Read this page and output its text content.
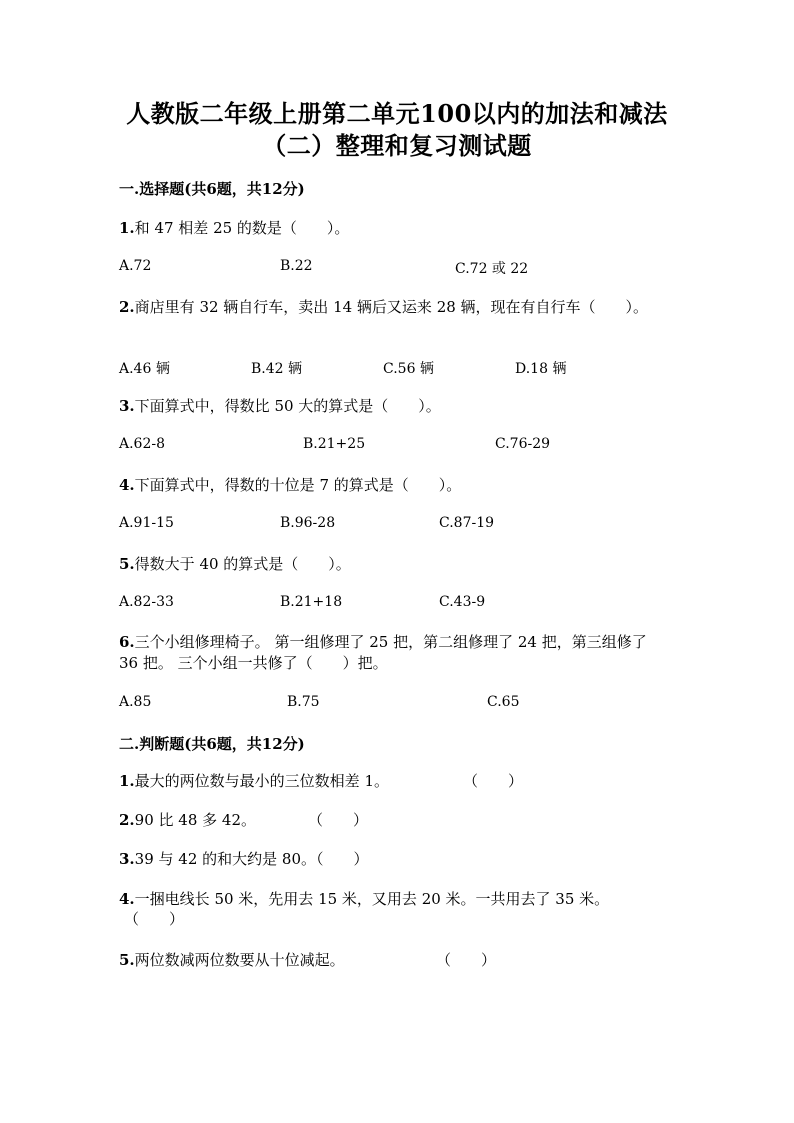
人教版二年级上册第二单元100以内的加法和减法
（二）整理和复习测试题
一.选择题(共6题，共12分)
1.和 47 相差 25 的数是（　　）。
A.72	B.22	C.72 或 22
2.商店里有 32 辆自行车，卖出 14 辆后又运来 28 辆，现在有自行车（　　）。
A.46 辆	B.42 辆	C.56 辆	D.18 辆
3.下面算式中，得数比 50 大的算式是（　　）。
A.62-8	B.21+25	C.76-29
4.下面算式中，得数的十位是 7 的算式是（　　）。
A.91-15	B.96-28	C.87-19
5.得数大于 40 的算式是（　　）。
A.82-33	B.21+18	C.43-9
6.三个小组修理椅子。 第一组修理了 25 把，第二组修理了 24 把，第三组修了
36 把。 三个小组一共修了（　　）把。
A.85	B.75	C.65
二.判断题(共6题，共12分)
1.最大的两位数与最小的三位数相差 1。	（　　）
2.90 比 48 多 42。	（　　）
3.39 与 42 的和大约是 80。（　　）
4.一捆电线长 50 米，先用去 15 米，又用去 20 米。一共用去了 35 米。
（　　）
5.两位数减两位数要从十位减起。	（　　）
